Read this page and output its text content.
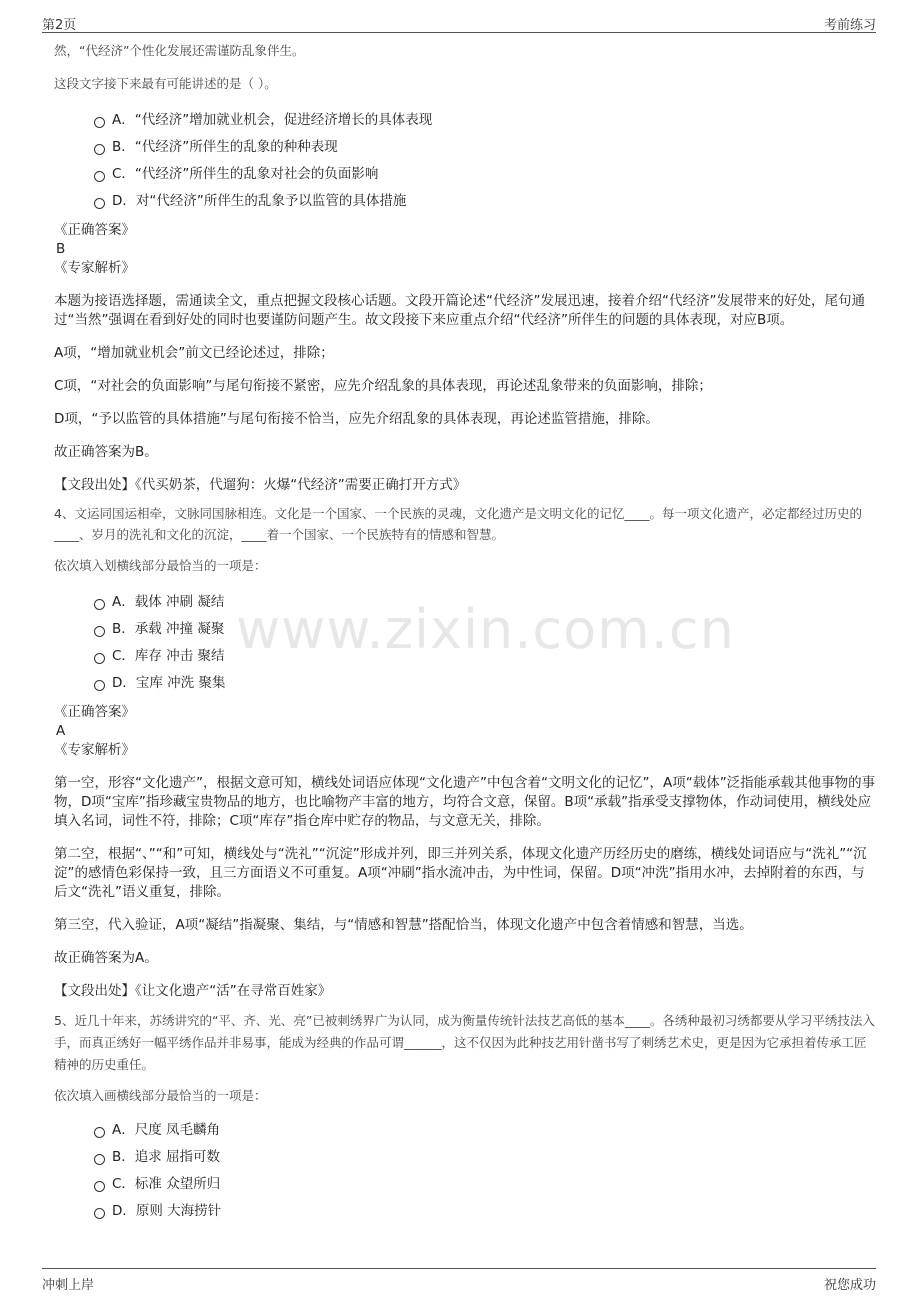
第2页	考前练习
www.zixin.com.cn

然，“代经济”个性化发展还需谨防乱象伴生。

这段文字接下来最有可能讲述的是（ ）。

A．“代经济”增加就业机会，促进经济增长的具体表现
B．“代经济”所伴生的乱象的种种表现
C．“代经济”所伴生的乱象对社会的负面影响
D．对“代经济”所伴生的乱象予以监管的具体措施

《正确答案》

B

《专家解析》

本题为接语选择题，需通读全文，重点把握文段核心话题。文段开篇论述“代经济”发展迅速，接着介绍“代经济”发展带来的好处，尾句通过“当然”强调在看到好处的同时也要谨防问题产生。故文段接下来应重点介绍“代经济”所伴生的问题的具体表现，对应B项。

A项，“增加就业机会”前文已经论述过，排除；

C项，“对社会的负面影响”与尾句衔接不紧密，应先介绍乱象的具体表现，再论述乱象带来的负面影响，排除；

D项，“予以监管的具体措施”与尾句衔接不恰当，应先介绍乱象的具体表现，再论述监管措施，排除。

故正确答案为B。

【文段出处】《代买奶茶，代遛狗：火爆“代经济”需要正确打开方式》

4、文运同国运相牵，文脉同国脉相连。文化是一个国家、一个民族的灵魂，文化遗产是文明文化的记忆____。每一项文化遗产，必定都经过历史的____、岁月的洗礼和文化的沉淀，____着一个国家、一个民族特有的情感和智慧。

依次填入划横线部分最恰当的一项是：

A．载体 冲刷 凝结
B．承载 冲撞 凝聚
C．库存 冲击 聚结
D．宝库 冲洗 聚集

《正确答案》

A

《专家解析》

第一空，形容“文化遗产”，根据文意可知，横线处词语应体现“文化遗产”中包含着“文明文化的记忆”，A项“载体”泛指能承载其他事物的事物，D项“宝库”指珍藏宝贵物品的地方，也比喻物产丰富的地方，均符合文意，保留。B项“承载”指承受支撑物体，作动词使用，横线处应填入名词，词性不符，排除；C项“库存”指仓库中贮存的物品，与文意无关，排除。

第二空，根据“、”“和”可知，横线处与“洗礼”“沉淀”形成并列，即三并列关系，体现文化遗产历经历史的磨练，横线处词语应与“洗礼”“沉淀”的感情色彩保持一致，且三方面语义不可重复。A项“冲刷”指水流冲击，为中性词，保留。D项“冲洗”指用水冲，去掉附着的东西，与后文“洗礼”语义重复，排除。

第三空，代入验证，A项“凝结”指凝聚、集结，与“情感和智慧”搭配恰当，体现文化遗产中包含着情感和智慧，当选。

故正确答案为A。

【文段出处】《让文化遗产“活”在寻常百姓家》

5、近几十年来，苏绣讲究的“平、齐、光、亮”已被刺绣界广为认同，成为衡量传统针法技艺高低的基本____。各绣种最初习绣都要从学习平绣技法入手，而真正绣好一幅平绣作品并非易事，能成为经典的作品可谓______，这不仅因为此种技艺用针凿书写了刺绣艺术史，更是因为它承担着传承工匠精神的历史重任。

依次填入画横线部分最恰当的一项是：

A．尺度 凤毛麟角
B．追求 屈指可数
C．标准 众望所归
D．原则 大海捞针
冲刺上岸	祝您成功
